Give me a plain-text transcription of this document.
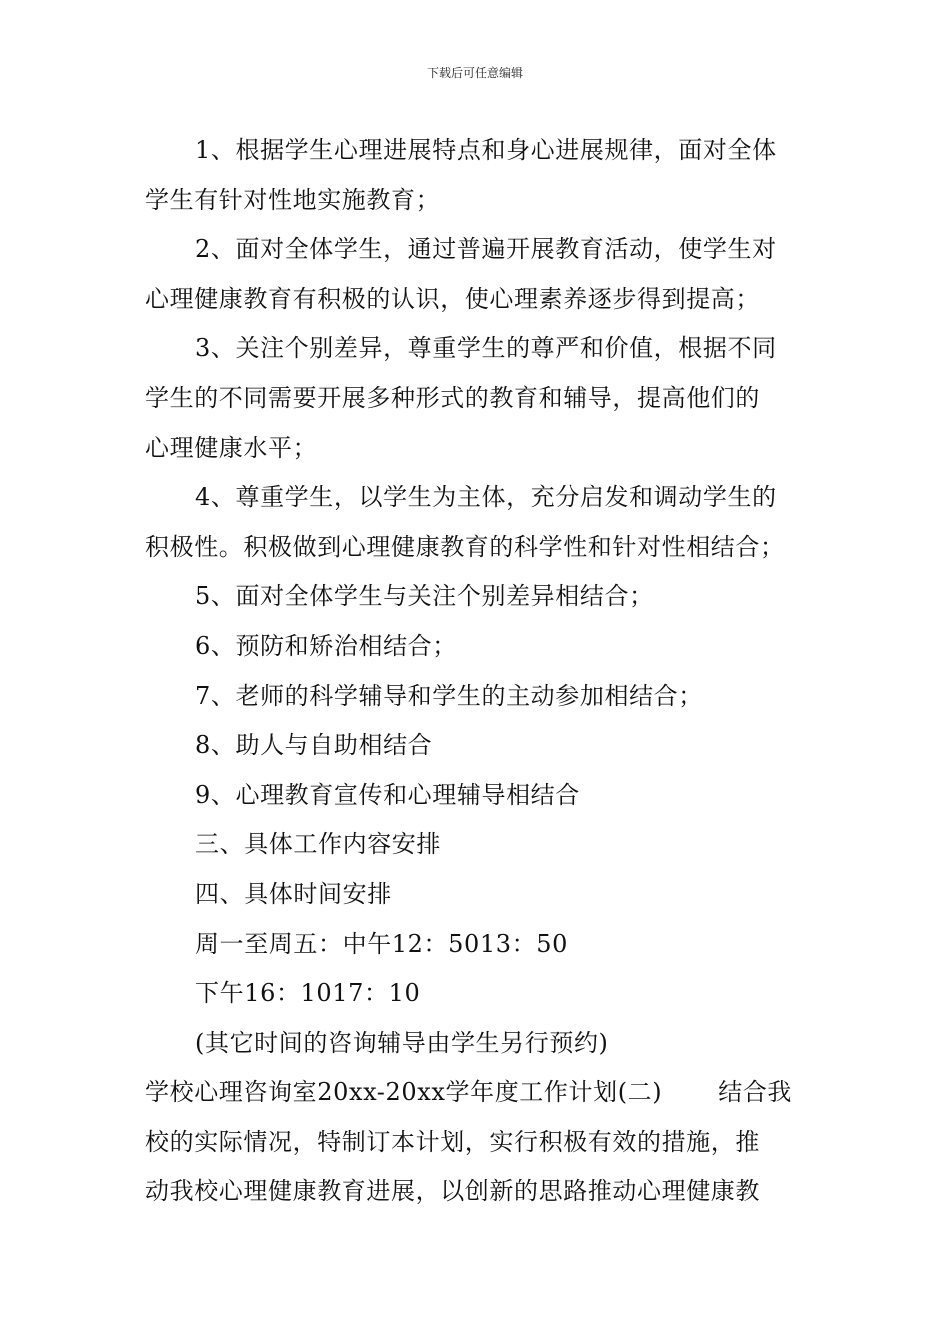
下载后可任意编辑
1、根据学生心理进展特点和身心进展规律，面对全体
学生有针对性地实施教育；
2、面对全体学生，通过普遍开展教育活动，使学生对
心理健康教育有积极的认识，使心理素养逐步得到提高；
3、关注个别差异，尊重学生的尊严和价值，根据不同
学生的不同需要开展多种形式的教育和辅导，提高他们的
心理健康水平；
4、尊重学生，以学生为主体，充分启发和调动学生的
积极性。积极做到心理健康教育的科学性和针对性相结合；
5、面对全体学生与关注个别差异相结合；
6、预防和矫治相结合；
7、老师的科学辅导和学生的主动参加相结合；
8、助人与自助相结合
9、心理教育宣传和心理辅导相结合
三、具体工作内容安排
四、具体时间安排
周一至周五：中午12：5013：50
下午16：1017：10
(其它时间的咨询辅导由学生另行预约)
学校心理咨询室20xx-20xx学年度工作计划(二) 结合我
校的实际情况，特制订本计划，实行积极有效的措施，推
动我校心理健康教育进展，以创新的思路推动心理健康教
